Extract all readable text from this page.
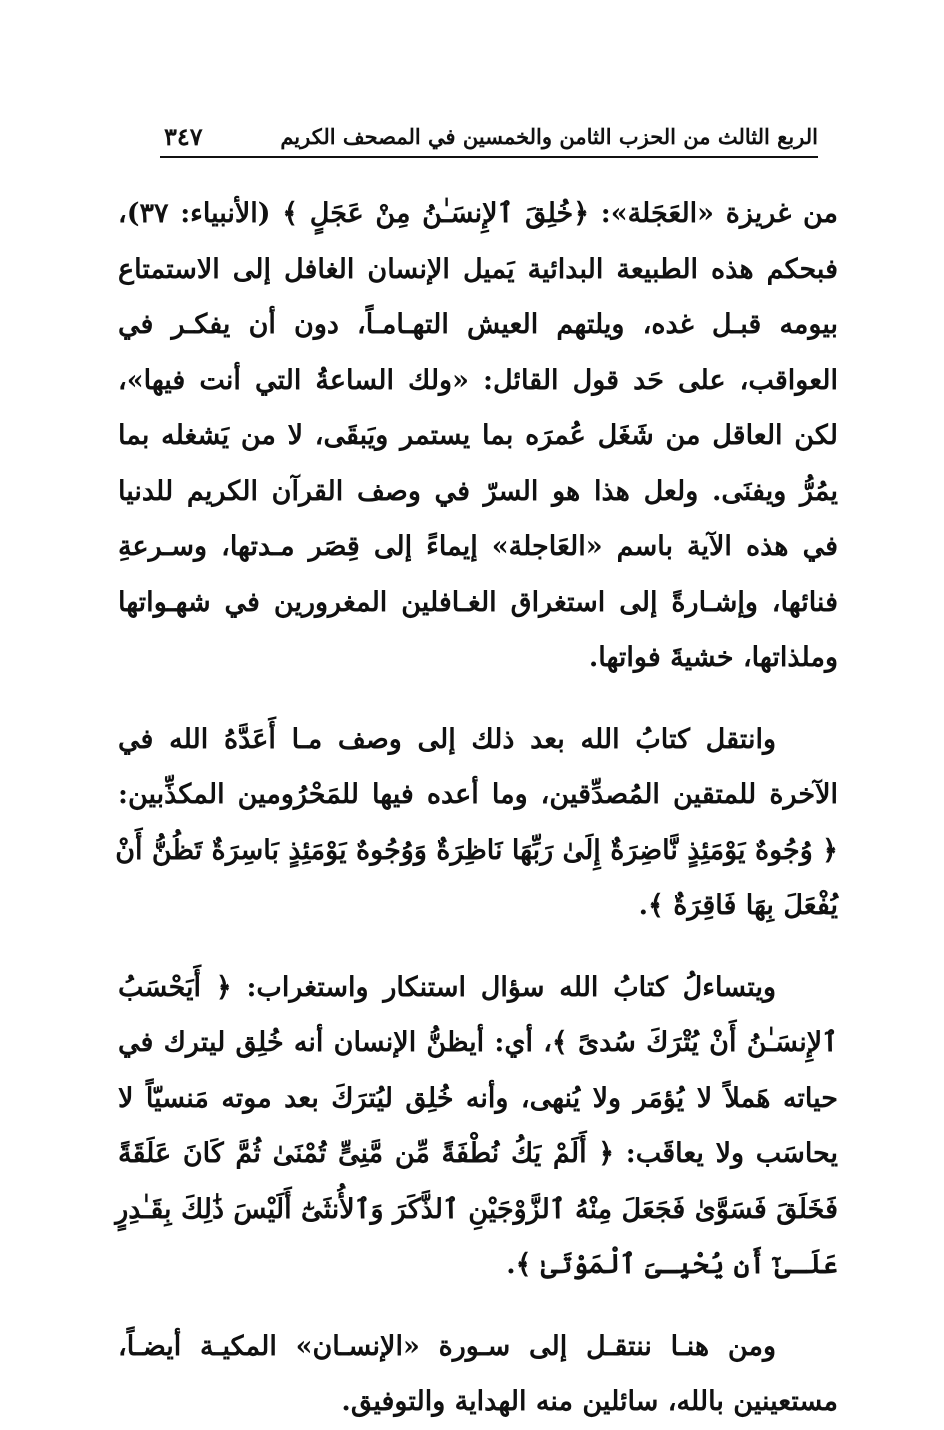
الربع الثالث من الحزب الثامن والخمسين في المصحف الكريم
٣٤٧
من غريزة «العَجَلة»: ﴿خُلِقَ ٱلإِنسَـٰنُ مِنْ عَجَلٍ ﴾ (الأنبياء: ٣٧)،
فبحكم هذه الطبيعة البدائية يَميل الإنسان الغافل إلى الاستمتاع
بيومه قبـل غده، ويلتهم العيش التهـامـاً، دون أن يفكـر في
العواقب، على حَد قول القائل: «ولك الساعةُ التي أنت فيها»،
لكن العاقل من شَغَل عُمرَه بما يستمر ويَبقَى، لا من يَشغله بما
يمُرُّ ويفنَى. ولعل هذا هو السرّ في وصف القرآن الكريم للدنيا
في هذه الآية باسم «العَاجلة» إيماءً إلى قِصَر مـدتها، وسـرعةِ
فنائها، وإشـارةً إلى استغراق الغـافلين المغرورين في شهـواتها
وملذاتها، خشيةَ فواتها.
وانتقل كتابُ الله بعد ذلك إلى وصف مـا أَعَدَّهُ الله في
الآخرة للمتقين المُصدِّقين، وما أعده فيها للمَحْرُومين المكذِّبين:
﴿ وُجُوهٌ يَوْمَئِذٍ نَّاضِرَةٌ إِلَىٰ رَبِّهَا نَاظِرَةٌ وَوُجُوهٌ يَوْمَئِذٍ بَاسِرَةٌ تَظُنُّ أَنْ
يُفْعَلَ بِهَا فَاقِرَةٌ ﴾.
ويتساءلُ كتابُ الله سؤال استنكار واستغراب: ﴿ أَيَحْسَبُ
ٱلإِنسَـٰنُ أَنْ يُتْرَكَ سُدىً ﴾، أي: أيظنُّ الإنسان أنه خُلِق ليترك في
حياته هَملاً لا يُؤمَر ولا يُنهى، وأنه خُلِق ليُترَكَ بعد موته مَنسيّاً لا
يحاسَب ولا يعاقَب: ﴿ أَلَمْ يَكُ نُطْفَةً مِّن مَّنِىٍّ تُمْنَىٰ ثُمَّ كَانَ عَلَقَةً
فَخَلَقَ فَسَوَّىٰ فَجَعَلَ مِنْهُ ٱلزَّوْجَيْنِ ٱلذَّكَرَ وَٱلأُنثَىٰٓ أَلَيْسَ ذَٰلِكَ بِقَـٰدِرٍ
عَلَـىٰٓ أَن يُحْيِـىَ ٱلْمَوْتَىٰ ﴾.
ومن هنـا ننتقـل إلى سـورة «الإنسـان» المكيـة أيضـاً،
مستعينين بالله، سائلين منه الهداية والتوفيق.
